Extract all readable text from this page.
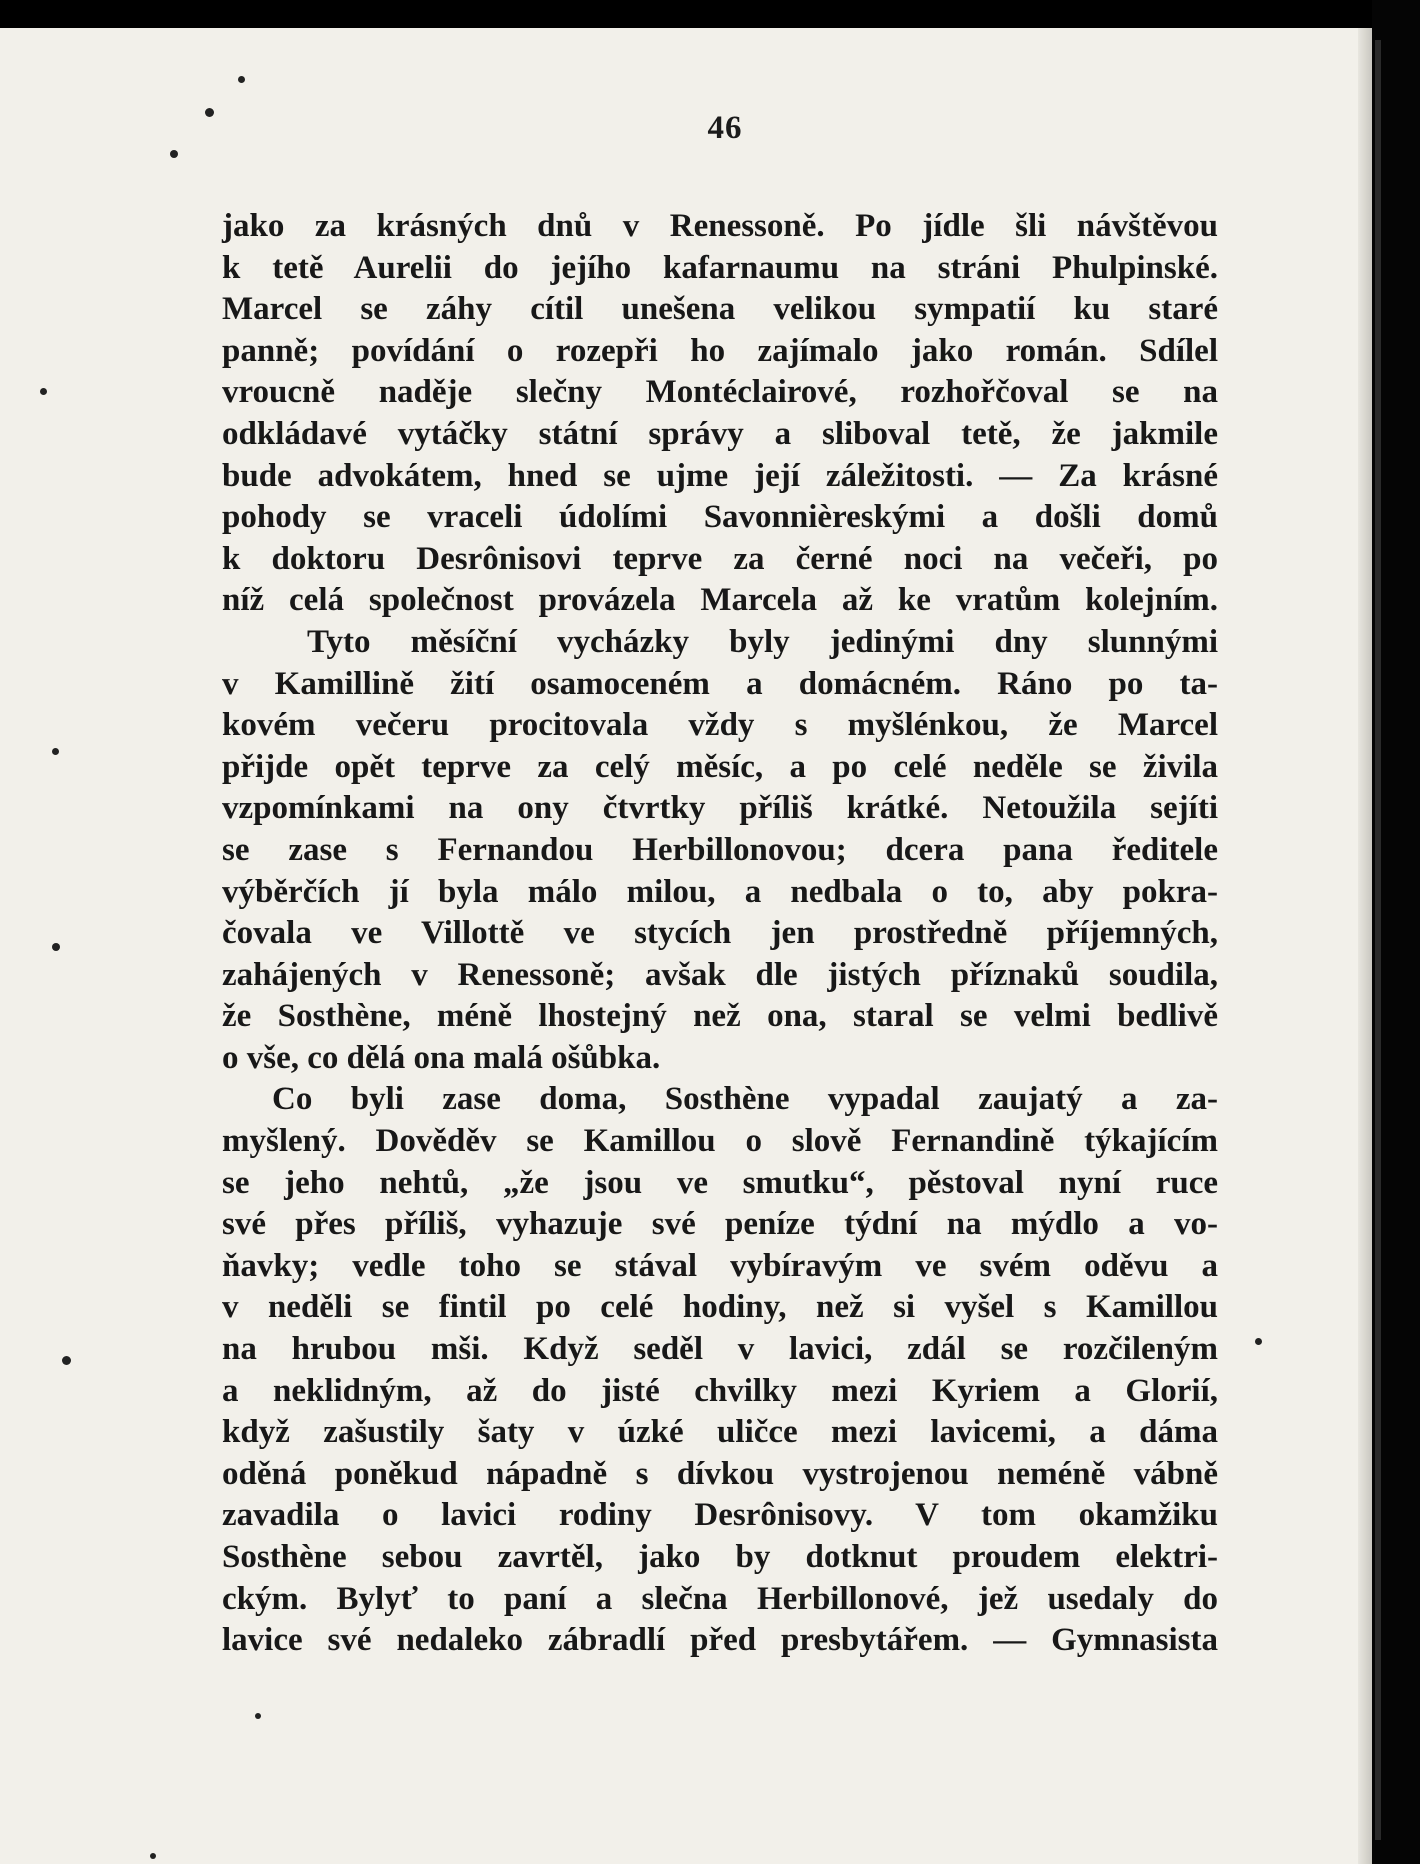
46
jako za krásných dnů v Renessoně. Po jídle šli návštěvou
k tetě Aurelii do jejího kafarnaumu na stráni Phulpinské.
Marcel se záhy cítil unešena velikou sympatií ku staré
panně; povídání o rozepři ho zajímalo jako román. Sdílel
vroucně naděje slečny Montéclairové, rozhořčoval se na
odkládavé vytáčky státní správy a sliboval tetě, že jakmile
bude advokátem, hned se ujme její záležitosti. — Za krásné
pohody se vraceli údolími Savonnièreskými a došli domů
k doktoru Desrônisovi teprve za černé noci na večeři, po
níž celá společnost provázela Marcela až ke vratům kolejním.
Tyto měsíční vycházky byly jedinými dny slunnými
v Kamillině žití osamoceném a domácném. Ráno po ta-
kovém večeru procitovala vždy s myšlénkou, že Marcel
přijde opět teprve za celý měsíc, a po celé neděle se živila
vzpomínkami na ony čtvrtky příliš krátké. Netoužila sejíti
se zase s Fernandou Herbillonovou; dcera pana ředitele
výběrčích jí byla málo milou, a nedbala o to, aby pokra-
čovala ve Villottě ve stycích jen prostředně příjemných,
zahájených v Renessoně; avšak dle jistých příznaků soudila,
že Sosthène, méně lhostejný než ona, staral se velmi bedlivě
o vše, co dělá ona malá ošůbka.
Co byli zase doma, Sosthène vypadal zaujatý a za-
myšlený. Dověděv se Kamillou o slově Fernandině týkajícím
se jeho nehtů, „že jsou ve smutku“, pěstoval nyní ruce
své přes příliš, vyhazuje své peníze týdní na mýdlo a vo-
ňavky; vedle toho se stával vybíravým ve svém oděvu a
v neděli se fintil po celé hodiny, než si vyšel s Kamillou
na hrubou mši. Když seděl v lavici, zdál se rozčileným
a neklidným, až do jisté chvilky mezi Kyriem a Glorií,
když zašustily šaty v úzké uličce mezi lavicemi, a dáma
oděná poněkud nápadně s dívkou vystrojenou neméně vábně
zavadila o lavici rodiny Desrônisovy. V tom okamžiku
Sosthène sebou zavrtěl, jako by dotknut proudem elektri-
ckým. Bylyť to paní a slečna Herbillonové, jež usedaly do
lavice své nedaleko zábradlí před presbytářem. — Gymnasista
